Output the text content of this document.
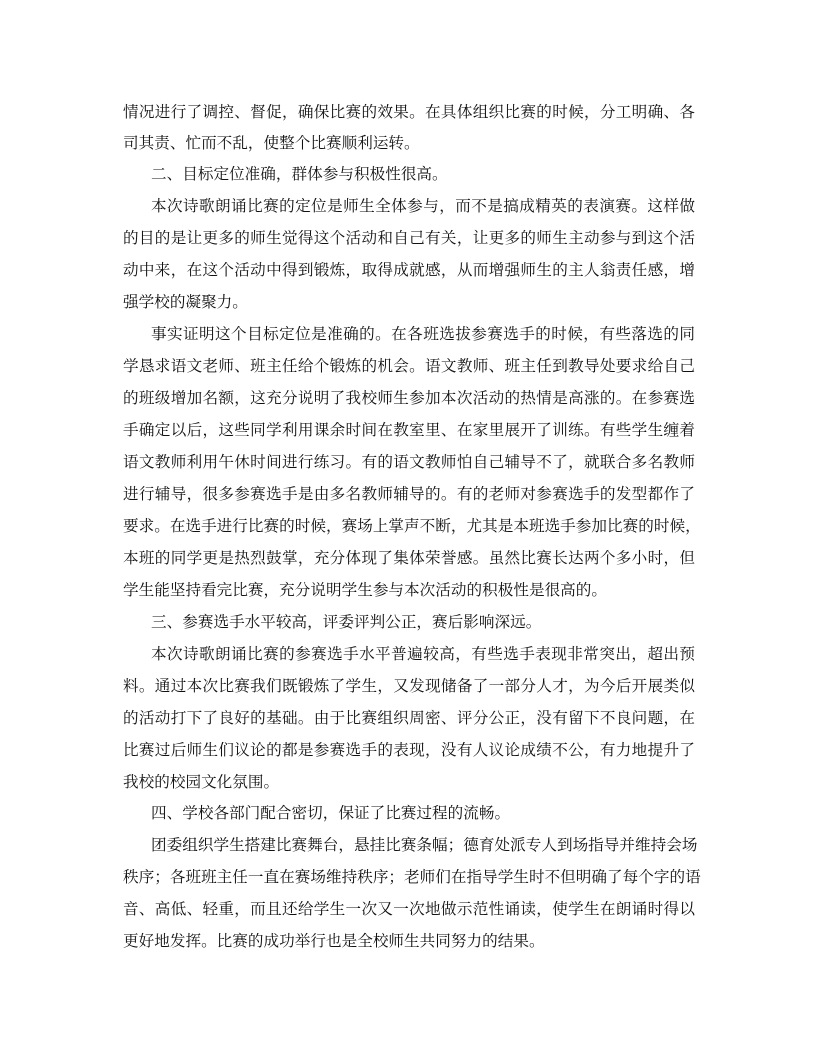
情况进行了调控、督促，确保比赛的效果。在具体组织比赛的时候，分工明确、各
司其责、忙而不乱，使整个比赛顺利运转。
二、目标定位准确，群体参与积极性很高。
本次诗歌朗诵比赛的定位是师生全体参与，而不是搞成精英的表演赛。这样做
的目的是让更多的师生觉得这个活动和自己有关，让更多的师生主动参与到这个活
动中来，在这个活动中得到锻炼，取得成就感，从而增强师生的主人翁责任感，增
强学校的凝聚力。
事实证明这个目标定位是准确的。在各班选拔参赛选手的时候，有些落选的同
学恳求语文老师、班主任给个锻炼的机会。语文教师、班主任到教导处要求给自己
的班级增加名额，这充分说明了我校师生参加本次活动的热情是高涨的。在参赛选
手确定以后，这些同学利用课余时间在教室里、在家里展开了训练。有些学生缠着
语文教师利用午休时间进行练习。有的语文教师怕自己辅导不了，就联合多名教师
进行辅导，很多参赛选手是由多名教师辅导的。有的老师对参赛选手的发型都作了
要求。在选手进行比赛的时候，赛场上掌声不断，尤其是本班选手参加比赛的时候，
本班的同学更是热烈鼓掌，充分体现了集体荣誉感。虽然比赛长达两个多小时，但
学生能坚持看完比赛，充分说明学生参与本次活动的积极性是很高的。
三、参赛选手水平较高，评委评判公正，赛后影响深远。
本次诗歌朗诵比赛的参赛选手水平普遍较高，有些选手表现非常突出，超出预
料。通过本次比赛我们既锻炼了学生，又发现储备了一部分人才，为今后开展类似
的活动打下了良好的基础。由于比赛组织周密、评分公正，没有留下不良问题，在
比赛过后师生们议论的都是参赛选手的表现，没有人议论成绩不公，有力地提升了
我校的校园文化氛围。
四、学校各部门配合密切，保证了比赛过程的流畅。
团委组织学生搭建比赛舞台，悬挂比赛条幅；德育处派专人到场指导并维持会场
秩序；各班班主任一直在赛场维持秩序；老师们在指导学生时不但明确了每个字的语
音、高低、轻重，而且还给学生一次又一次地做示范性诵读，使学生在朗诵时得以
更好地发挥。比赛的成功举行也是全校师生共同努力的结果。
